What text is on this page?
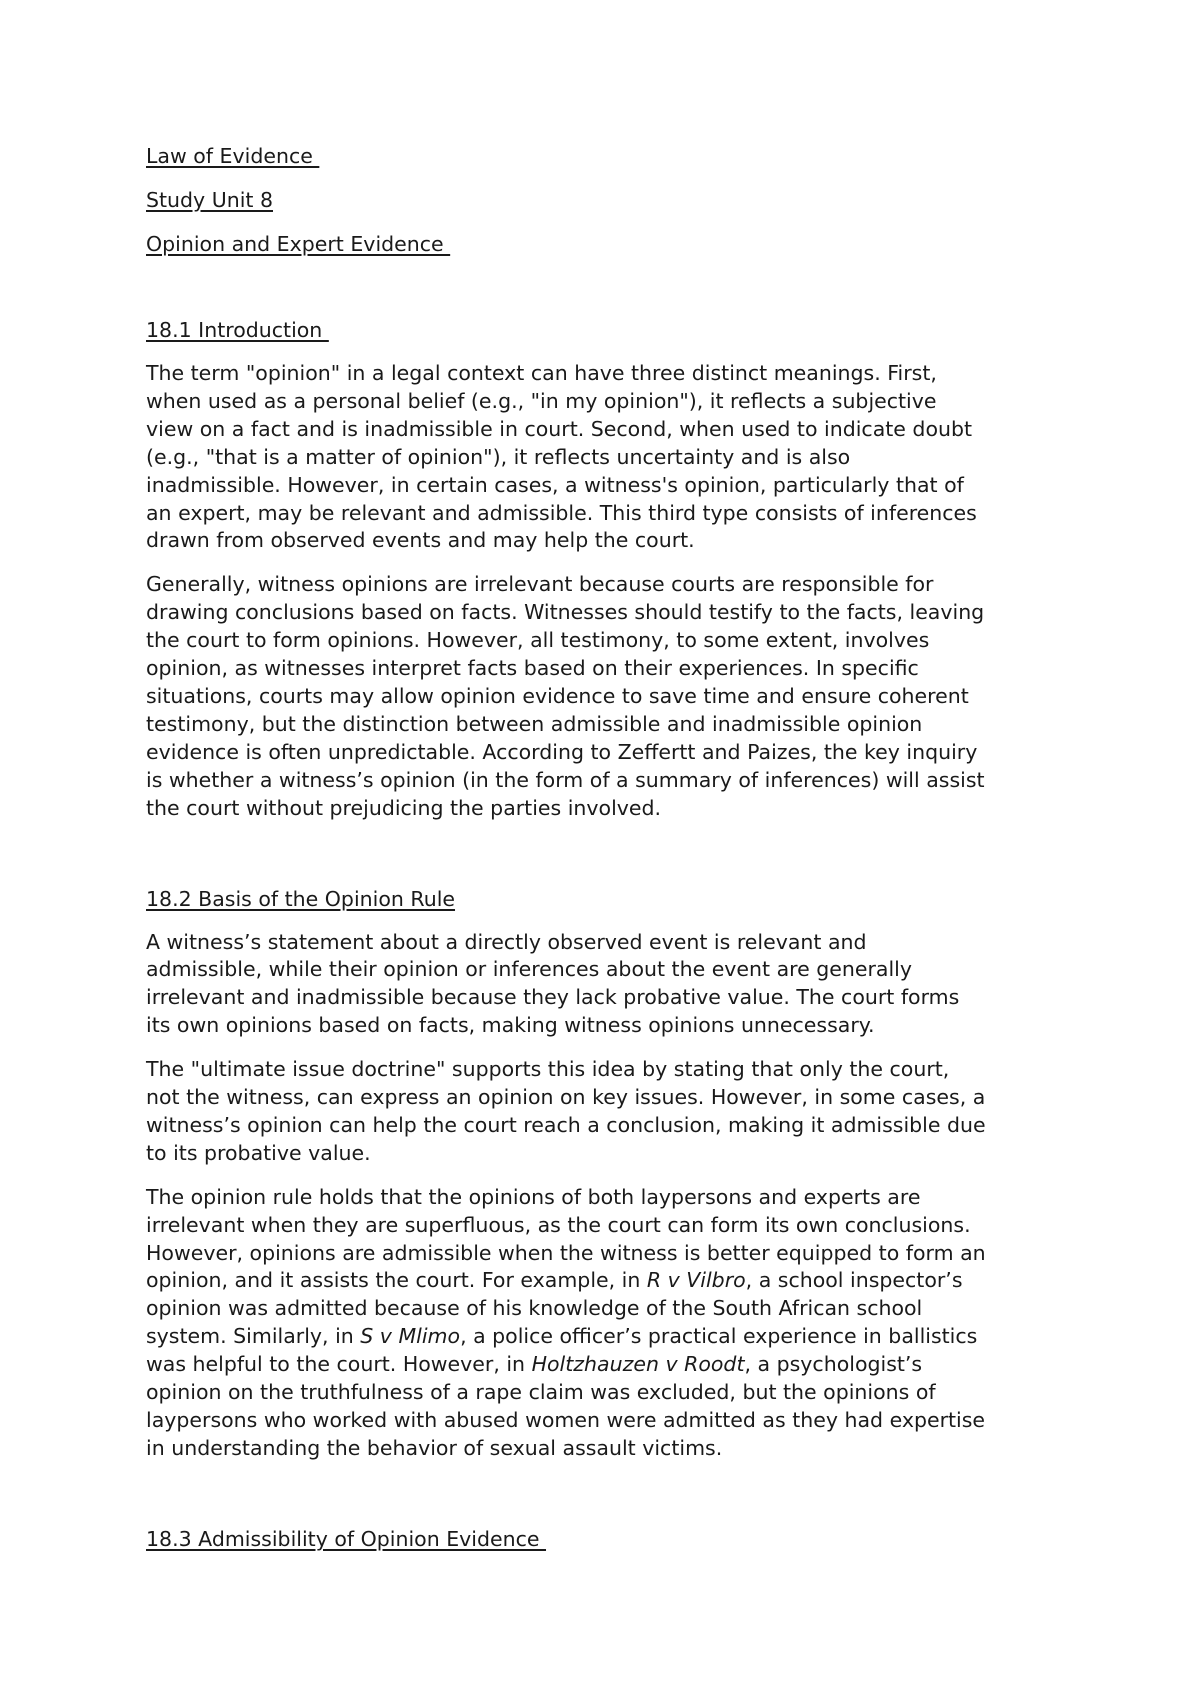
Law of Evidence
Study Unit 8
Opinion and Expert Evidence
18.1 Introduction

The term "opinion" in a legal context can have three distinct meanings. First,
when used as a personal belief (e.g., "in my opinion"), it reflects a subjective
view on a fact and is inadmissible in court. Second, when used to indicate doubt
(e.g., "that is a matter of opinion"), it reflects uncertainty and is also
inadmissible. However, in certain cases, a witness's opinion, particularly that of
an expert, may be relevant and admissible. This third type consists of inferences
drawn from observed events and may help the court.

Generally, witness opinions are irrelevant because courts are responsible for
drawing conclusions based on facts. Witnesses should testify to the facts, leaving
the court to form opinions. However, all testimony, to some extent, involves
opinion, as witnesses interpret facts based on their experiences. In specific
situations, courts may allow opinion evidence to save time and ensure coherent
testimony, but the distinction between admissible and inadmissible opinion
evidence is often unpredictable. According to Zeffertt and Paizes, the key inquiry
is whether a witness’s opinion (in the form of a summary of inferences) will assist
the court without prejudicing the parties involved.

18.2 Basis of the Opinion Rule

A witness’s statement about a directly observed event is relevant and
admissible, while their opinion or inferences about the event are generally
irrelevant and inadmissible because they lack probative value. The court forms
its own opinions based on facts, making witness opinions unnecessary.

The "ultimate issue doctrine" supports this idea by stating that only the court,
not the witness, can express an opinion on key issues. However, in some cases, a
witness’s opinion can help the court reach a conclusion, making it admissible due
to its probative value.

The opinion rule holds that the opinions of both laypersons and experts are
irrelevant when they are superfluous, as the court can form its own conclusions.
However, opinions are admissible when the witness is better equipped to form an
opinion, and it assists the court. For example, in R v Vilbro, a school inspector’s
opinion was admitted because of his knowledge of the South African school
system. Similarly, in S v Mlimo, a police officer’s practical experience in ballistics
was helpful to the court. However, in Holtzhauzen v Roodt, a psychologist’s
opinion on the truthfulness of a rape claim was excluded, but the opinions of
laypersons who worked with abused women were admitted as they had expertise
in understanding the behavior of sexual assault victims.

18.3 Admissibility of Opinion Evidence
